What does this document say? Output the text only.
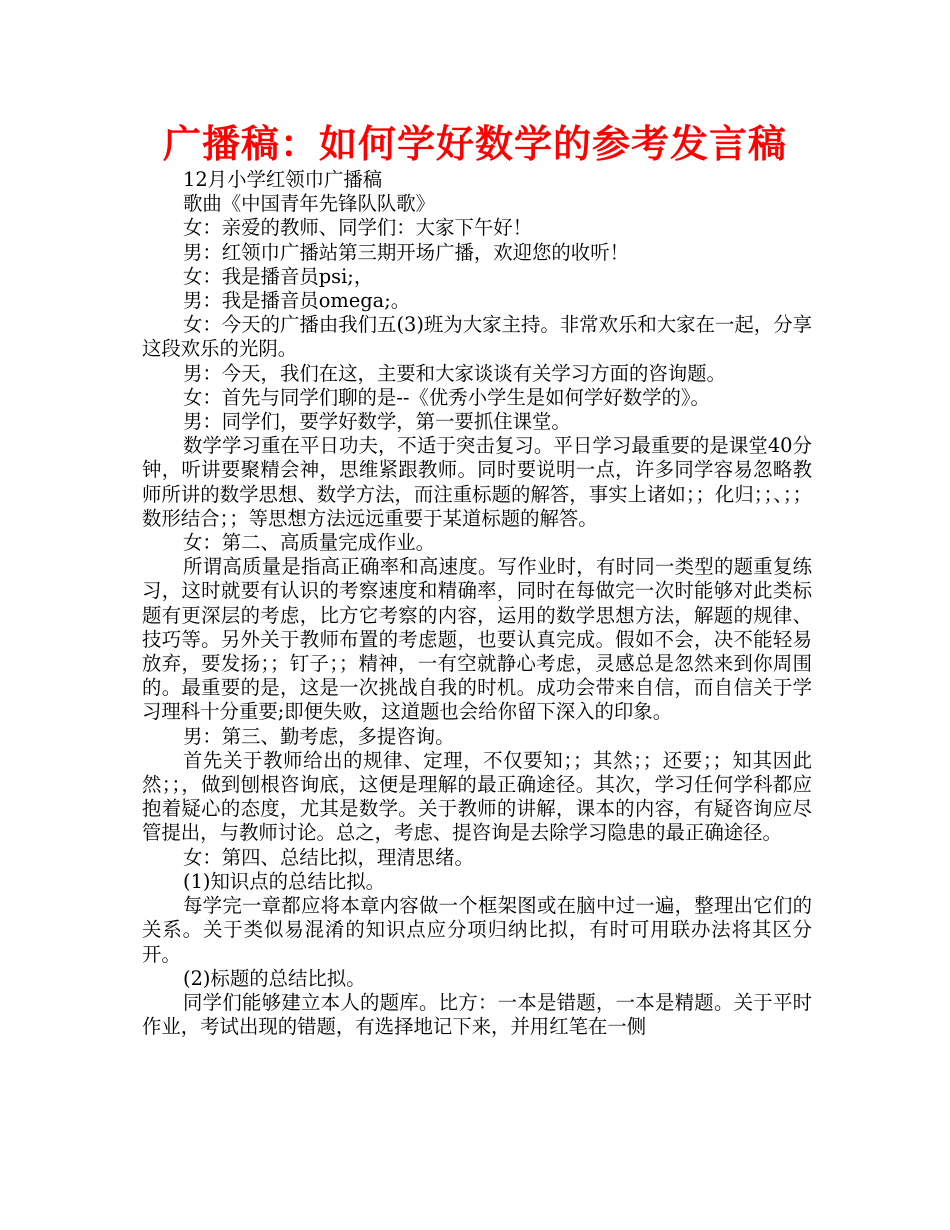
广播稿：如何学好数学的参考发言稿

12月小学红领巾广播稿

歌曲《中国青年先锋队队歌》

女：亲爱的教师、同学们：大家下午好！

男：红领巾广播站第三期开场广播，欢迎您的收听！

女：我是播音员psi;，

男：我是播音员omega;。

女：今天的广播由我们五(3)班为大家主持。非常欢乐和大家在一起，分享这段欢乐的光阴。

男：今天，我们在这，主要和大家谈谈有关学习方面的咨询题。

女：首先与同学们聊的是--《优秀小学生是如何学好数学的》。

男：同学们，要学好数学，第一要抓住课堂。

数学学习重在平日功夫，不适于突击复习。平日学习最重要的是课堂40分钟，听讲要聚精会神，思维紧跟教师。同时要说明一点，许多同学容易忽略教师所讲的数学思想、数学方法，而注重标题的解答，事实上诸如；；化归；；、；；数形结合；；等思想方法远远重要于某道标题的解答。

女：第二、高质量完成作业。

所谓高质量是指高正确率和高速度。写作业时，有时同一类型的题重复练习，这时就要有认识的考察速度和精确率，同时在每做完一次时能够对此类标题有更深层的考虑，比方它考察的内容，运用的数学思想方法，解题的规律、技巧等。另外关于教师布置的考虑题，也要认真完成。假如不会，决不能轻易放弃，要发扬；；钉子；；精神，一有空就静心考虑，灵感总是忽然来到你周围的。最重要的是，这是一次挑战自我的时机。成功会带来自信，而自信关于学习理科十分重要;即便失败，这道题也会给你留下深入的印象。

男：第三、勤考虑，多提咨询。

首先关于教师给出的规律、定理，不仅要知；；其然；；还要；；知其因此然；；，做到刨根咨询底，这便是理解的最正确途径。其次，学习任何学科都应抱着疑心的态度，尤其是数学。关于教师的讲解，课本的内容，有疑咨询应尽管提出，与教师讨论。总之，考虑、提咨询是去除学习隐患的最正确途径。

女：第四、总结比拟，理清思绪。

(1)知识点的总结比拟。

每学完一章都应将本章内容做一个框架图或在脑中过一遍，整理出它们的关系。关于类似易混淆的知识点应分项归纳比拟，有时可用联办法将其区分开。

(2)标题的总结比拟。

同学们能够建立本人的题库。比方：一本是错题，一本是精题。关于平时作业，考试出现的错题，有选择地记下来，并用红笔在一侧
